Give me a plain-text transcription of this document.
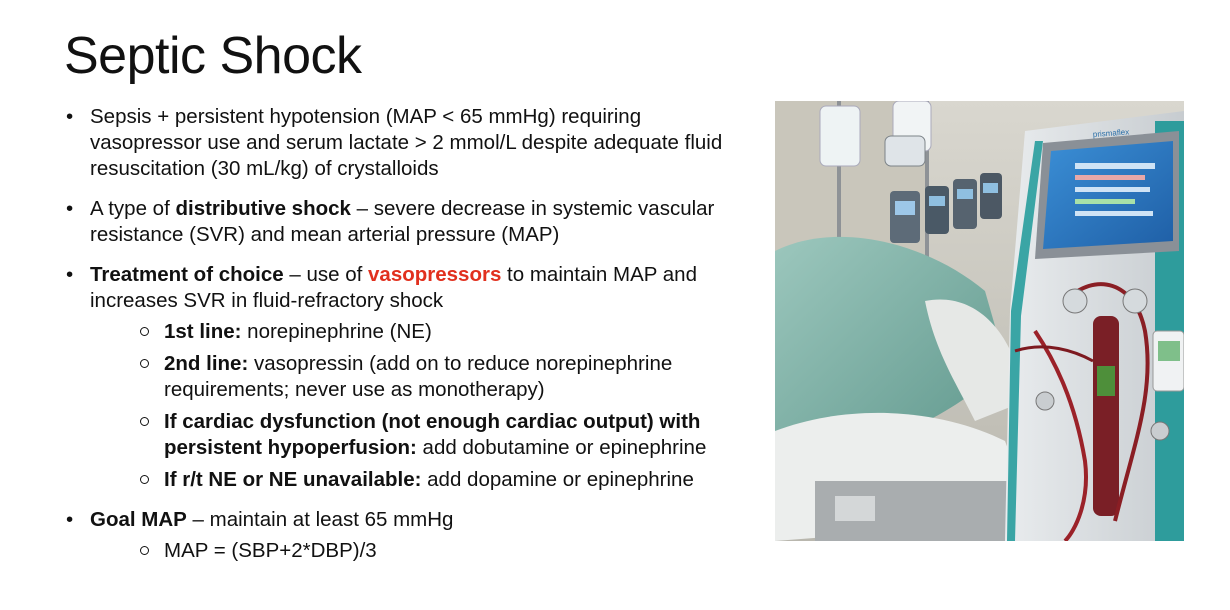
Septic Shock
• Sepsis + persistent hypotension (MAP < 65 mmHg) requiring vasopressor use and serum lactate > 2 mmol/L despite adequate fluid resuscitation (30 mL/kg) of crystalloids
• A type of distributive shock – severe decrease in systemic vascular resistance (SVR) and mean arterial pressure (MAP)
• Treatment of choice – use of vasopressors to maintain MAP and increases SVR in fluid-refractory shock
1st line: norepinephrine (NE)
2nd line: vasopressin (add on to reduce norepinephrine requirements; never use as monotherapy)
If cardiac dysfunction (not enough cardiac output) with persistent hypoperfusion: add dobutamine or epinephrine
If r/t NE or NE unavailable: add dopamine or epinephrine
• Goal MAP – maintain at least 65 mmHg
MAP = (SBP+2*DBP)/3
prismaflex
